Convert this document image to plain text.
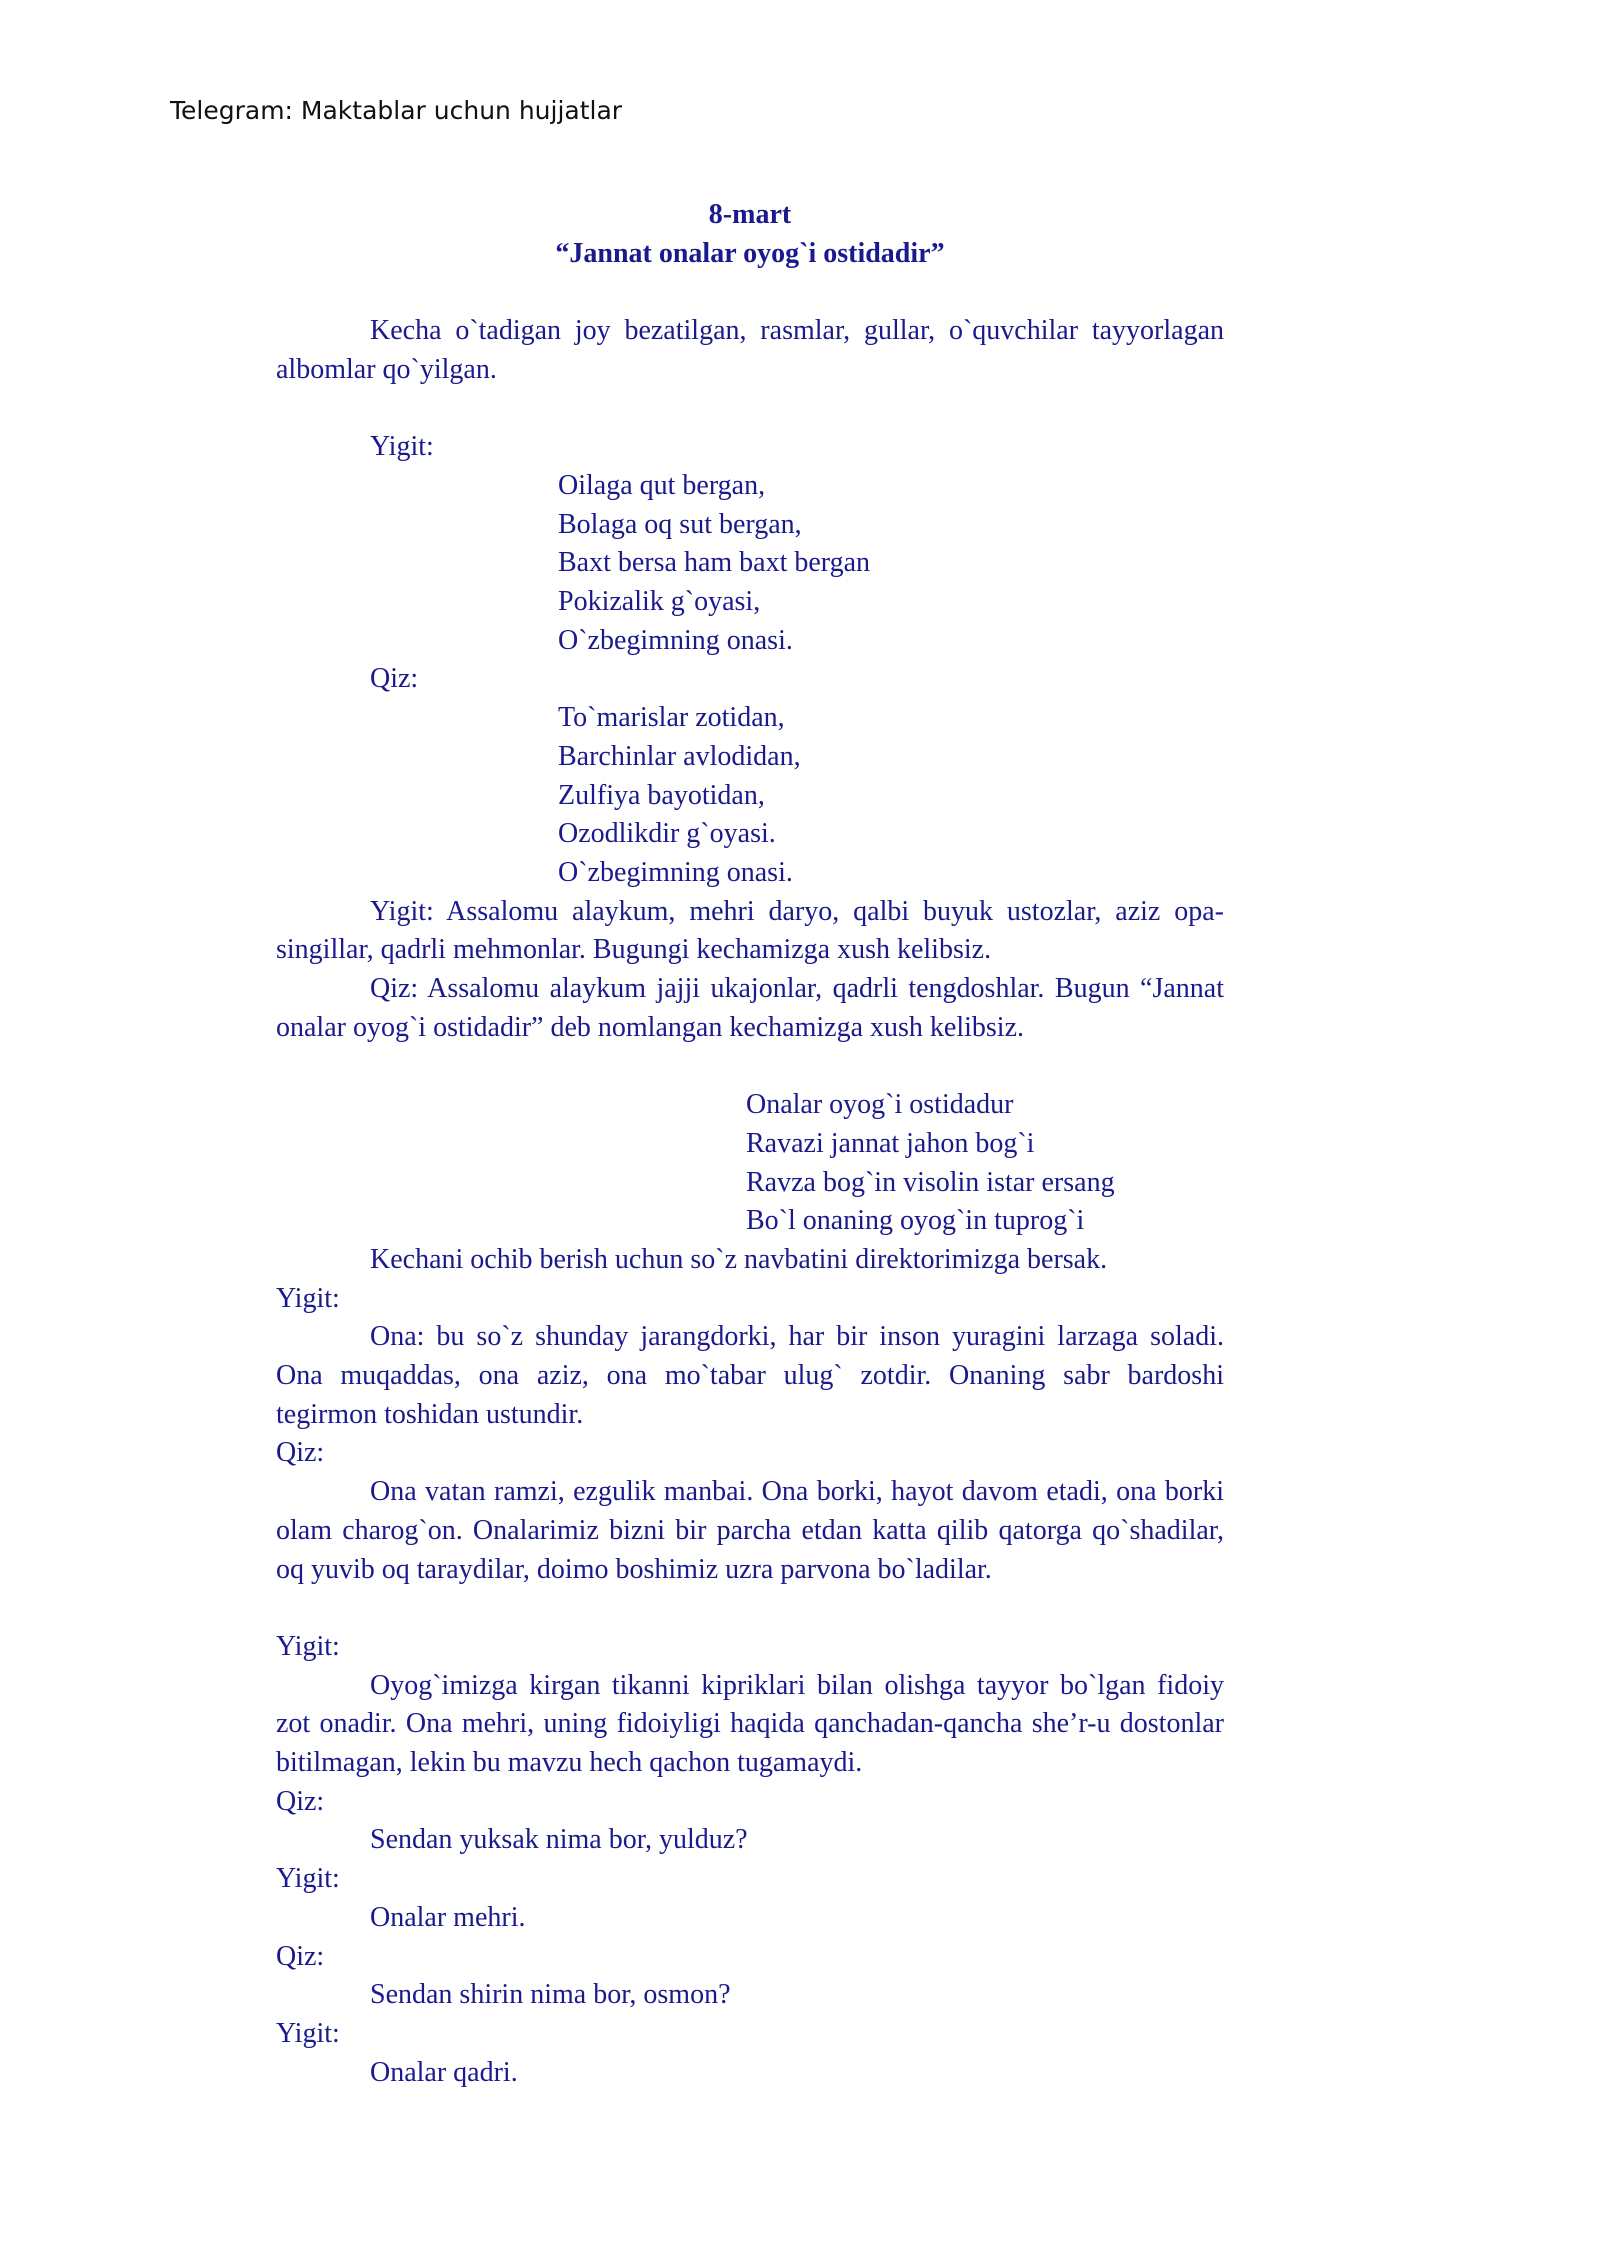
Telegram: Maktablar uchun hujjatlar
8-mart
“Jannat onalar oyog`i ostidadir”
Kecha o`tadigan joy bezatilgan, rasmlar, gullar, o`quvchilar tayyorlagan albomlar qo`yilgan.
Yigit:
Oilaga qut bergan,
Bolaga oq sut bergan,
Baxt bersa ham baxt bergan
Pokizalik g`oyasi,
O`zbegimning onasi.
Qiz:
To`marislar zotidan,
Barchinlar avlodidan,
Zulfiya bayotidan,
Ozodlikdir g`oyasi.
O`zbegimning onasi.
Yigit: Assalomu alaykum, mehri daryo, qalbi buyuk ustozlar, aziz opa-singillar, qadrli mehmonlar. Bugungi kechamizga xush kelibsiz.
Qiz: Assalomu alaykum jajji ukajonlar, qadrli tengdoshlar. Bugun “Jannat onalar oyog`i ostidadir” deb nomlangan kechamizga xush kelibsiz.
Onalar oyog`i ostidadur
Ravazi jannat jahon bog`i
Ravza bog`in visolin istar ersang
Bo`l onaning oyog`in tuprog`i
Kechani ochib berish uchun so`z navbatini direktorimizga bersak.
Yigit:
Ona: bu so`z shunday jarangdorki, har bir inson yuragini larzaga soladi. Ona muqaddas, ona aziz, ona mo`tabar ulug` zotdir. Onaning sabr bardoshi tegirmon toshidan ustundir.
Qiz:
Ona vatan ramzi, ezgulik manbai. Ona borki, hayot davom etadi, ona borki olam charog`on. Onalarimiz bizni bir parcha etdan katta qilib qatorga qo`shadilar, oq yuvib oq taraydilar, doimo boshimiz uzra parvona bo`ladilar.
Yigit:
Oyog`imizga kirgan tikanni kipriklari bilan olishga tayyor bo`lgan fidoiy zot onadir. Ona mehri, uning fidoiyligi haqida qanchadan-qancha she’r-u dostonlar bitilmagan, lekin bu mavzu hech qachon tugamaydi.
Qiz:
Sendan yuksak nima bor, yulduz?
Yigit:
Onalar mehri.
Qiz:
Sendan shirin nima bor, osmon?
Yigit:
Onalar qadri.
